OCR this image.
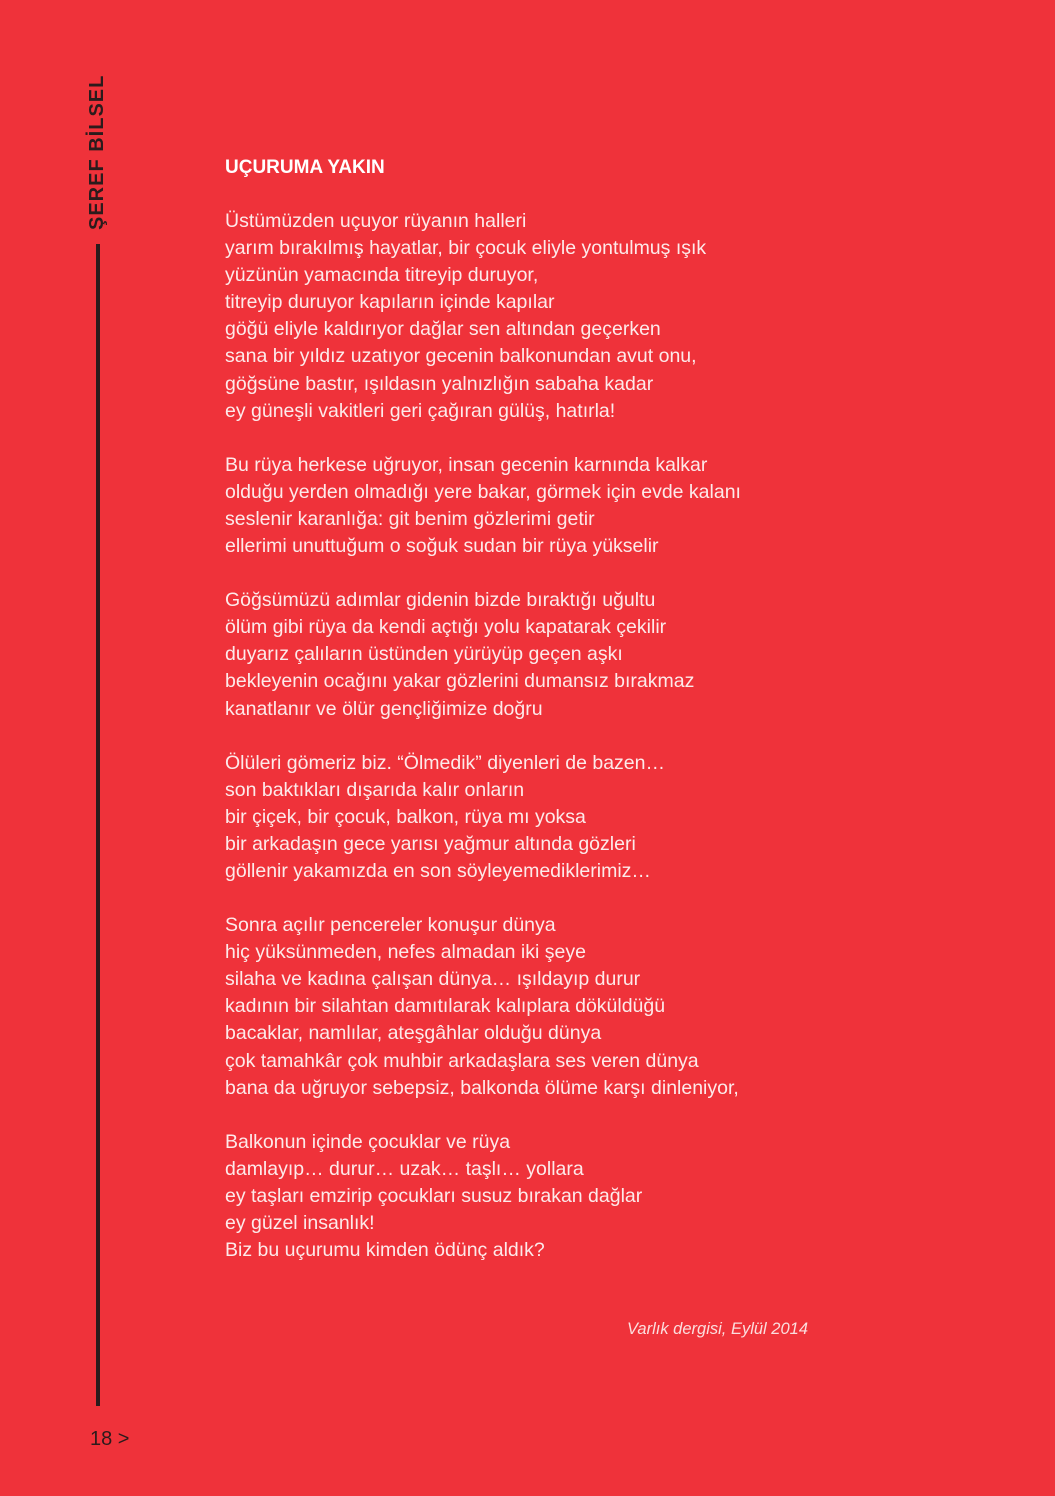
ŞEREF BİLSEL	UÇURUMA YAKIN
Üstümüzden uçuyor rüyanın halleri
yarım bırakılmış hayatlar, bir çocuk eliyle yontulmuş ışık
yüzünün yamacında titreyip duruyor,
titreyip duruyor kapıların içinde kapılar
göğü eliyle kaldırıyor dağlar sen altından geçerken
sana bir yıldız uzatıyor gecenin balkonundan avut onu,
göğsüne bastır, ışıldasın yalnızlığın sabaha kadar
ey güneşli vakitleri geri çağıran gülüş, hatırla!
Bu rüya herkese uğruyor, insan gecenin karnında kalkar
olduğu yerden olmadığı yere bakar, görmek için evde kalanı
seslenir karanlığa: git benim gözlerimi getir
ellerimi unuttuğum o soğuk sudan bir rüya yükselir
Göğsümüzü adımlar gidenin bizde bıraktığı uğultu
ölüm gibi rüya da kendi açtığı yolu kapatarak çekilir
duyarız çalıların üstünden yürüyüp geçen aşkı
bekleyenin ocağını yakar gözlerini dumansız bırakmaz
kanatlanır ve ölür gençliğimize doğru
Ölüleri gömeriz biz. “Ölmedik” diyenleri de bazen…
son baktıkları dışarıda kalır onların
bir çiçek, bir çocuk, balkon, rüya mı yoksa
bir arkadaşın gece yarısı yağmur altında gözleri
göllenir yakamızda en son söyleyemediklerimiz…
Sonra açılır pencereler konuşur dünya
hiç yüksünmeden, nefes almadan iki şeye
silaha ve kadına çalışan dünya… ışıldayıp durur
kadının bir silahtan damıtılarak kalıplara döküldüğü
bacaklar, namlılar, ateşgâhlar olduğu dünya
çok tamahkâr çok muhbir arkadaşlara ses veren dünya
bana da uğruyor sebepsiz, balkonda ölüme karşı dinleniyor,
Balkonun içinde çocuklar ve rüya
damlayıp… durur… uzak… taşlı… yollara
ey taşları emzirip çocukları susuz bırakan dağlar
ey güzel insanlık!
Biz bu uçurumu kimden ödünç aldık?
Varlık dergisi, Eylül 2014
18 >
